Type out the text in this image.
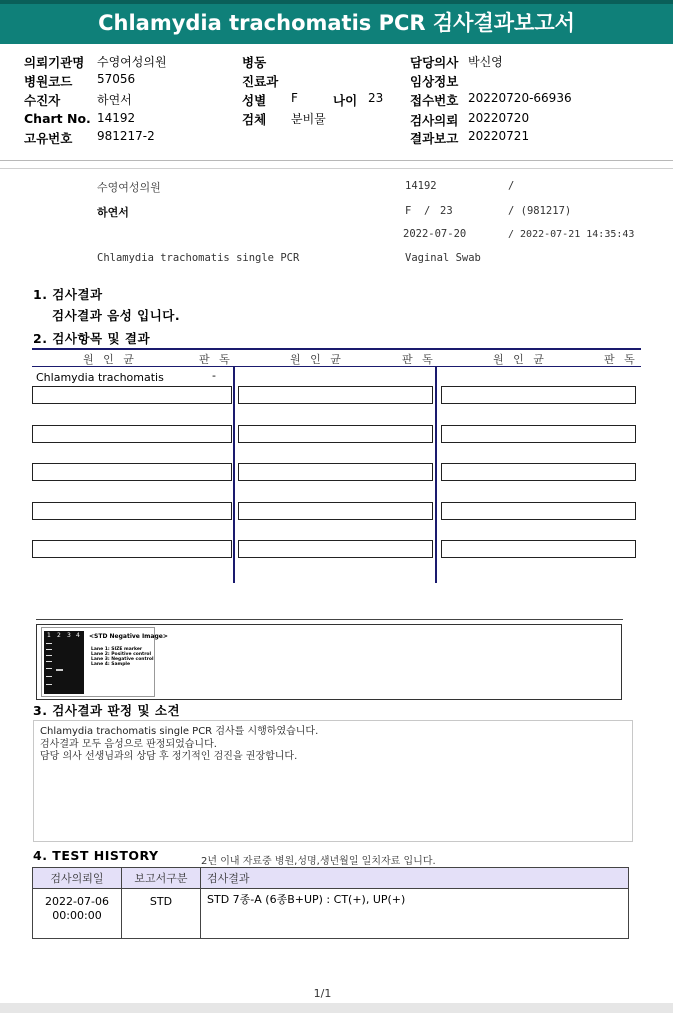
Chlamydia trachomatis PCR 검사결과보고서
의뢰기관명 수영여성의원
병원코드 57056
수진자	하연서
Chart No. 14192
고유번호 981217-2
병동
진료과
성별 F	나이 23
검체 분비물
담당의사 박신영
임상정보
접수번호 20220720-66936
검사의뢰 20220720
결과보고 20220721
수영여성의원	14192	/
하연서	F / 23	/ (981217)
2022-07-20	/ 2022-07-21 14:35:43
Chlamydia trachomatis single PCR	Vaginal Swab
1. 검사결과
검사결과 음성 입니다.
2. 검사항목 및 결과
원 인 균	판 독	원 인 균	판 독	원 인 균	판 독
Chlamydia trachomatis	-
1 2 3 4 <STD Negative Image>
Lane 1: SIZE marker
Lane 2: Positive control
Lane 3: Negative control
Lane 4: Sample
3. 검사결과 판정 및 소견
Chlamydia trachomatis single PCR 검사를 시행하였습니다.
검사결과 모두 음성으로 판정되었습니다.
담당 의사 선생님과의 상담 후 정기적인 검진을 권장합니다.
4. TEST HISTORY	2년 이내 자료중 병원,성명,생년월일 일치자료 입니다.
검사의뢰일	보고서구분	검사결과

2022-07-06
00:00:00	STD	STD 7종-A (6종B+UP) : CT(+), UP(+)
1/1
